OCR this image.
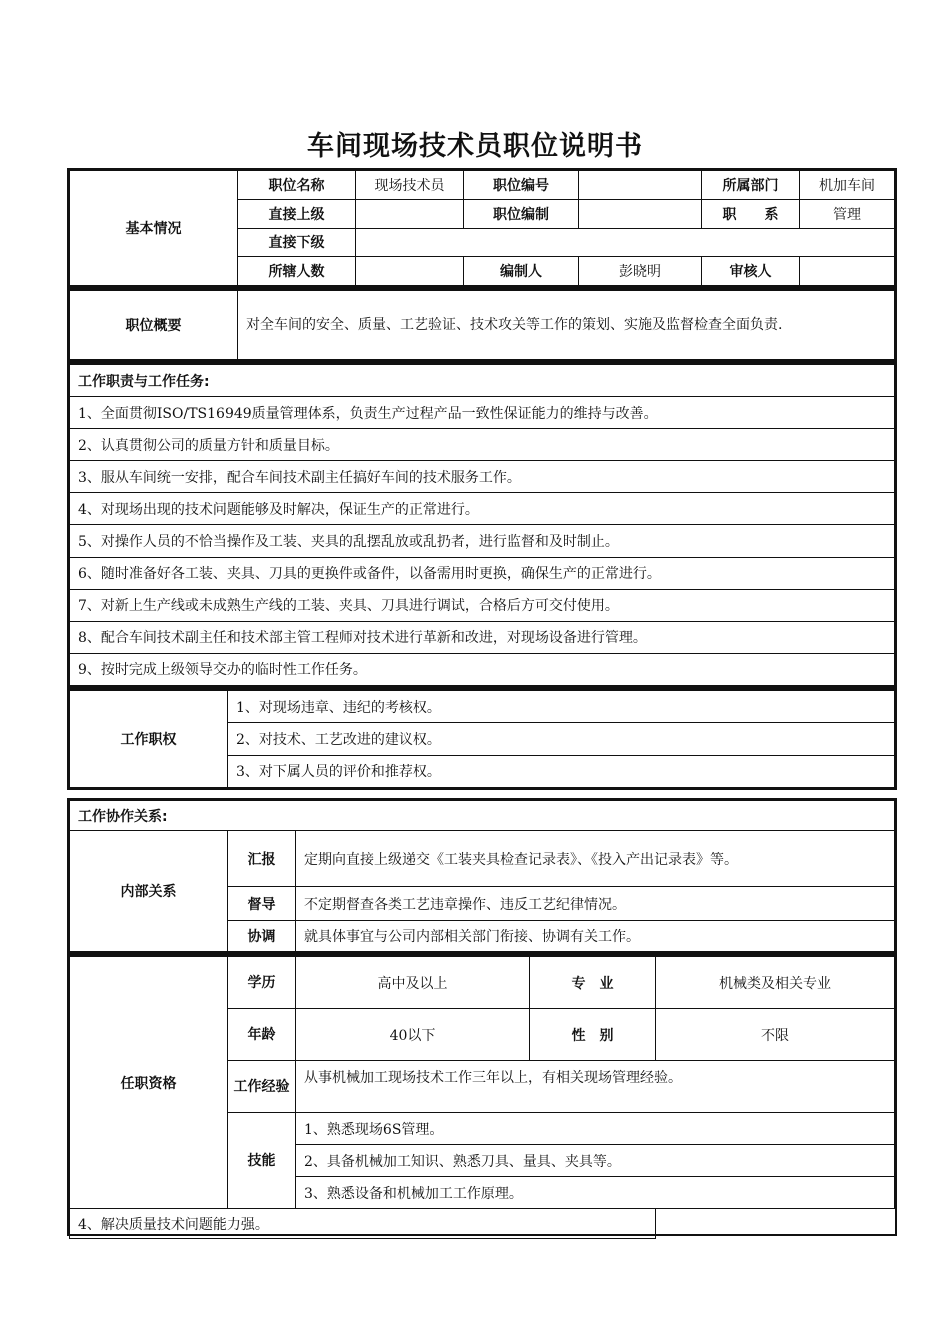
车间现场技术员职位说明书
基本情况	职位名称	现场技术员	职位编号		所属部门	机加车间
	直接上级		职位编制		职　　系	管理
	直接下级					
	所辖人数		编制人	彭晓明	审核人	
职位概要	对全车间的安全、质量、工艺验证、技术攻关等工作的策划、实施及监督检查全面负责.
工作职责与工作任务:
1、全面贯彻ISO/TS16949质量管理体系，负责生产过程产品一致性保证能力的维持与改善。
2、认真贯彻公司的质量方针和质量目标。
3、服从车间统一安排，配合车间技术副主任搞好车间的技术服务工作。
4、对现场出现的技术问题能够及时解决，保证生产的正常进行。
5、对操作人员的不恰当操作及工装、夹具的乱摆乱放或乱扔者，进行监督和及时制止。
6、随时准备好各工装、夹具、刀具的更换件或备件，以备需用时更换，确保生产的正常进行。
7、对新上生产线或未成熟生产线的工装、夹具、刀具进行调试，合格后方可交付使用。
8、配合车间技术副主任和技术部主管工程师对技术进行革新和改进，对现场设备进行管理。
9、按时完成上级领导交办的临时性工作任务。
工作职权	1、对现场违章、违纪的考核权。
2、对技术、工艺改进的建议权。
3、对下属人员的评价和推荐权。
工作协作关系:		
内部关系	汇报	定期向直接上级递交《工装夹具检查记录表》、《投入产出记录表》等。
	督导	不定期督查各类工艺违章操作、违反工艺纪律情况。
	协调	就具体事宜与公司内部相关部门衔接、协调有关工作。
任职资格	学历	高中及以上	专　业	机械类及相关专业
	年龄	40以下	性　别	不限
	工作经验	从事机械加工现场技术工作三年以上，有相关现场管理经验。		
	技能	1、熟悉现场6S管理。		
		2、具备机械加工知识、熟悉刀具、量具、夹具等。		
		3、熟悉设备和机械加工工作原理。		
4、解决质量技术问题能力强。				
